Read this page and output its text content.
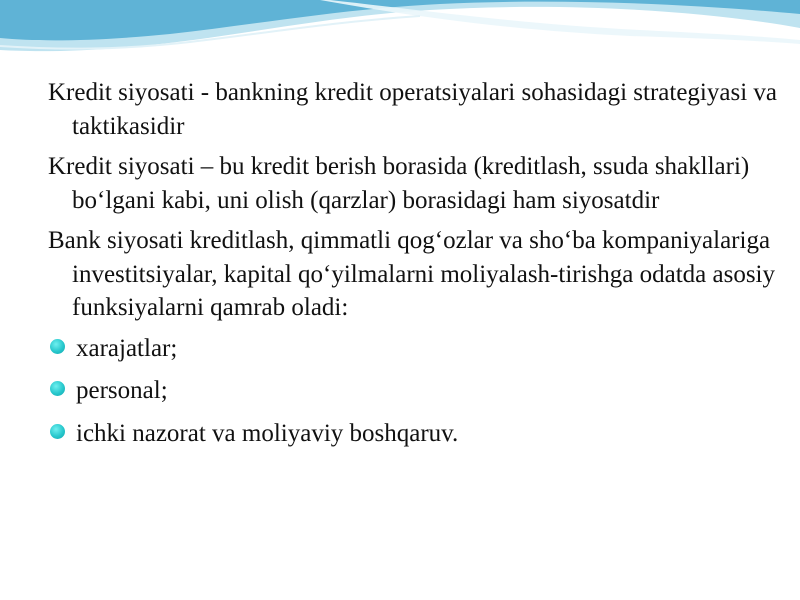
Kredit siyosati - bankning kredit operatsiyalari sohasidagi strategiyasi va taktikasidir

Kredit siyosati – bu kredit berish borasida (kreditlash, ssuda shakllari) bo‘lgani kabi, uni olish (qarzlar) borasidagi ham siyosatdir

Bank siyosati kreditlash, qimmatli qog‘ozlar va sho‘ba kompaniyalariga investitsiyalar, kapital qo‘yilmalarni moliyalash-tirishga odatda asosiy funksiyalarni qamrab oladi:

xarajatlar;
personal;
ichki nazorat va moliyaviy boshqaruv.
